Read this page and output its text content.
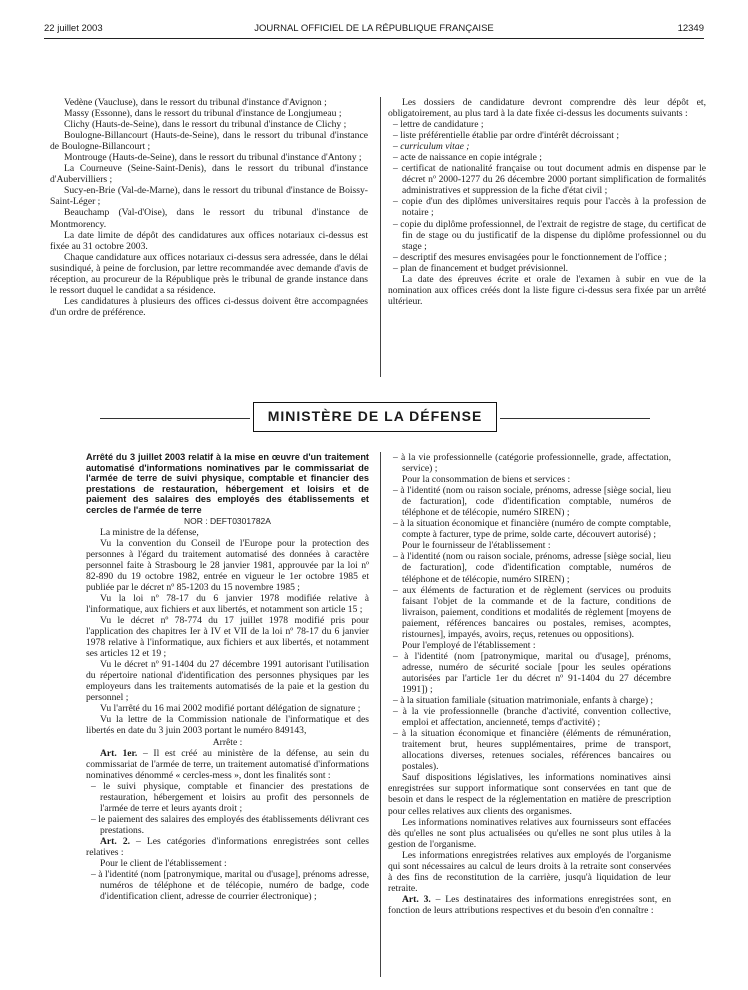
22 juillet 2003	JOURNAL OFFICIEL DE LA RÉPUBLIQUE FRANÇAISE	12349

Vedène (Vaucluse), dans le ressort du tribunal d'instance d'Avignon ;

Massy (Essonne), dans le ressort du tribunal d'instance de Longjumeau ;

Clichy (Hauts-de-Seine), dans le ressort du tribunal d'instance de Clichy ;

Boulogne-Billancourt (Hauts-de-Seine), dans le ressort du tribunal d'instance de Boulogne-Billancourt ;

Montrouge (Hauts-de-Seine), dans le ressort du tribunal d'instance d'Antony ;

La Courneuve (Seine-Saint-Denis), dans le ressort du tribunal d'instance d'Aubervilliers ;

Sucy-en-Brie (Val-de-Marne), dans le ressort du tribunal d'instance de Boissy-Saint-Léger ;

Beauchamp (Val-d'Oise), dans le ressort du tribunal d'instance de Montmorency.

La date limite de dépôt des candidatures aux offices notariaux ci-dessus est fixée au 31 octobre 2003.

Chaque candidature aux offices notariaux ci-dessus sera adressée, dans le délai susindiqué, à peine de forclusion, par lettre recommandée avec demande d'avis de réception, au procureur de la République près le tribunal de grande instance dans le ressort duquel le candidat a sa résidence.

Les candidatures à plusieurs des offices ci-dessus doivent être accompagnées d'un ordre de préférence.

Les dossiers de candidature devront comprendre dès leur dépôt et, obligatoirement, au plus tard à la date fixée ci-dessus les documents suivants :

– lettre de candidature ;

– liste préférentielle établie par ordre d'intérêt décroissant ;

– curriculum vitae ;

– acte de naissance en copie intégrale ;

– certificat de nationalité française ou tout document admis en dispense par le décret nº 2000-1277 du 26 décembre 2000 portant simplification de formalités administratives et suppression de la fiche d'état civil ;

– copie d'un des diplômes universitaires requis pour l'accès à la profession de notaire ;

– copie du diplôme professionnel, de l'extrait de registre de stage, du certificat de fin de stage ou du justificatif de la dispense du diplôme professionnel ou du stage ;

– descriptif des mesures envisagées pour le fonctionnement de l'office ;

– plan de financement et budget prévisionnel.

La date des épreuves écrite et orale de l'examen à subir en vue de la nomination aux offices créés dont la liste figure ci-dessus sera fixée par un arrêté ultérieur.

MINISTÈRE DE LA DÉFENSE

Arrêté du 3 juillet 2003 relatif à la mise en œuvre d'un traitement automatisé d'informations nominatives par le commissariat de l'armée de terre de suivi physique, comptable et financier des prestations de restauration, hébergement et loisirs et de paiement des salaires des employés des établissements et cercles de l'armée de terre

NOR : DEFT0301782A

La ministre de la défense,

Vu la convention du Conseil de l'Europe pour la protection des personnes à l'égard du traitement automatisé des données à caractère personnel faite à Strasbourg le 28 janvier 1981, approuvée par la loi nº 82-890 du 19 octobre 1982, entrée en vigueur le 1er octobre 1985 et publiée par le décret nº 85-1203 du 15 novembre 1985 ;

Vu la loi nº 78-17 du 6 janvier 1978 modifiée relative à l'informatique, aux fichiers et aux libertés, et notamment son article 15 ;

Vu le décret nº 78-774 du 17 juillet 1978 modifié pris pour l'application des chapitres Ier à IV et VII de la loi nº 78-17 du 6 janvier 1978 relative à l'informatique, aux fichiers et aux libertés, et notamment ses articles 12 et 19 ;

Vu le décret nº 91-1404 du 27 décembre 1991 autorisant l'utilisation du répertoire national d'identification des personnes physiques par les employeurs dans les traitements automatisés de la paie et la gestion du personnel ;

Vu l'arrêté du 16 mai 2002 modifié portant délégation de signature ;

Vu la lettre de la Commission nationale de l'informatique et des libertés en date du 3 juin 2003 portant le numéro 849143,

Arrête :

Art. 1er. – Il est créé au ministère de la défense, au sein du commissariat de l'armée de terre, un traitement automatisé d'informations nominatives dénommé « cercles-mess », dont les finalités sont :

– le suivi physique, comptable et financier des prestations de restauration, hébergement et loisirs au profit des personnels de l'armée de terre et leurs ayants droit ;

– le paiement des salaires des employés des établissements délivrant ces prestations.

Art. 2. – Les catégories d'informations enregistrées sont celles relatives :

Pour le client de l'établissement :

– à l'identité (nom [patronymique, marital ou d'usage], prénoms adresse, numéros de téléphone et de télécopie, numéro de badge, code d'identification client, adresse de courrier électronique) ;

– à la vie professionnelle (catégorie professionnelle, grade, affectation, service) ;

Pour la consommation de biens et services :

– à l'identité (nom ou raison sociale, prénoms, adresse [siège social, lieu de facturation], code d'identification comptable, numéros de téléphone et de télécopie, numéro SIREN) ;

– à la situation économique et financière (numéro de compte comptable, compte à facturer, type de prime, solde carte, découvert autorisé) ;

Pour le fournisseur de l'établissement :

– à l'identité (nom ou raison sociale, prénoms, adresse [siège social, lieu de facturation], code d'identification comptable, numéros de téléphone et de télécopie, numéro SIREN) ;

– aux éléments de facturation et de règlement (services ou produits faisant l'objet de la commande et de la facture, conditions de livraison, paiement, conditions et modalités de règlement [moyens de paiement, références bancaires ou postales, remises, acomptes, ristournes], impayés, avoirs, reçus, retenues ou oppositions).

Pour l'employé de l'établissement :

– à l'identité (nom [patronymique, marital ou d'usage], prénoms, adresse, numéro de sécurité sociale [pour les seules opérations autorisées par l'article 1er du décret nº 91-1404 du 27 décembre 1991]) ;

– à la situation familiale (situation matrimoniale, enfants à charge) ;

– à la vie professionnelle (branche d'activité, convention collective, emploi et affectation, ancienneté, temps d'activité) ;

– à la situation économique et financière (éléments de rémunération, traitement brut, heures supplémentaires, prime de transport, allocations diverses, retenues sociales, références bancaires ou postales).

Sauf dispositions législatives, les informations nominatives ainsi enregistrées sur support informatique sont conservées en tant que de besoin et dans le respect de la réglementation en matière de prescription pour celles relatives aux clients des organismes.

Les informations nominatives relatives aux fournisseurs sont effacées dès qu'elles ne sont plus actualisées ou qu'elles ne sont plus utiles à la gestion de l'organisme.

Les informations enregistrées relatives aux employés de l'organisme qui sont nécessaires au calcul de leurs droits à la retraite sont conservées à des fins de reconstitution de la carrière, jusqu'à liquidation de leur retraite.

Art. 3. – Les destinataires des informations enregistrées sont, en fonction de leurs attributions respectives et du besoin d'en connaître :
